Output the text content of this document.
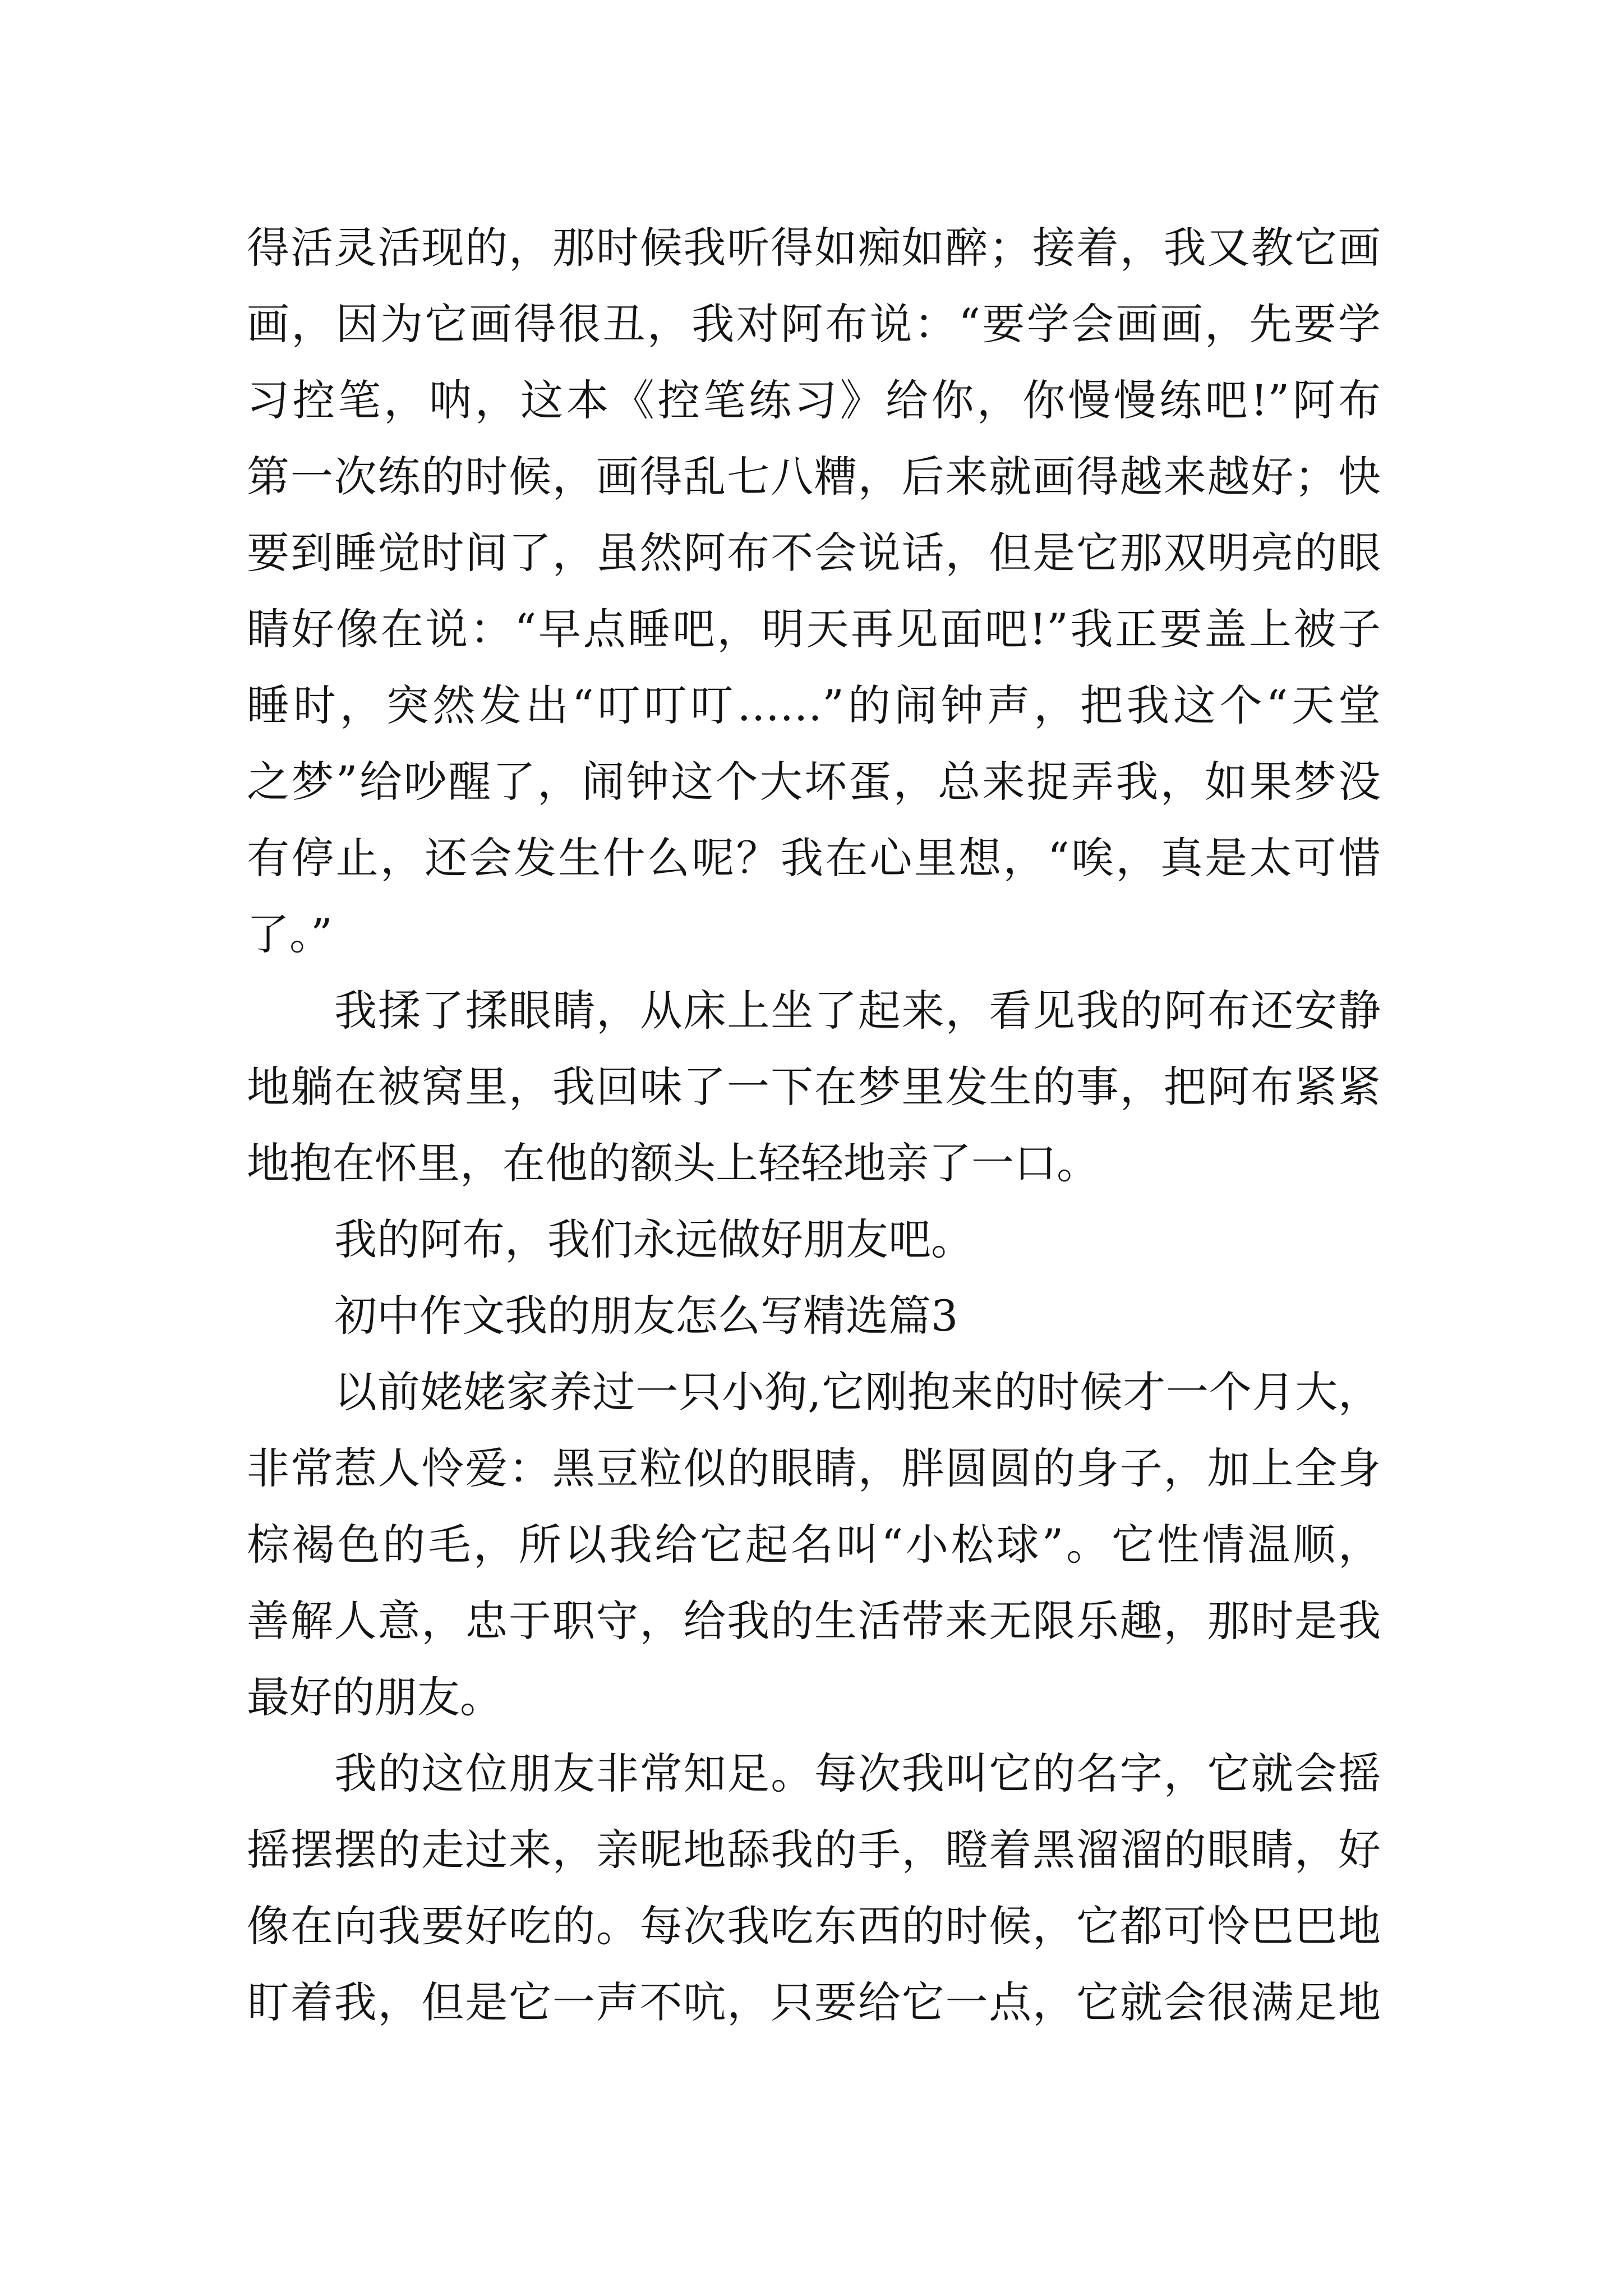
得活灵活现的，那时候我听得如痴如醉；接着，我又教它画
画，因为它画得很丑，我对阿布说：“要学会画画，先要学
习控笔，呐，这本《控笔练习》给你，你慢慢练吧!”阿布
第一次练的时候，画得乱七八糟，后来就画得越来越好；快
要到睡觉时间了，虽然阿布不会说话，但是它那双明亮的眼
睛好像在说：“早点睡吧，明天再见面吧!”我正要盖上被子
睡时，突然发出“叮叮叮……”的闹钟声，把我这个“天堂
之梦”给吵醒了，闹钟这个大坏蛋，总来捉弄我，如果梦没
有停止，还会发生什么呢？我在心里想，“唉，真是太可惜
了。”
我揉了揉眼睛，从床上坐了起来，看见我的阿布还安静
地躺在被窝里，我回味了一下在梦里发生的事，把阿布紧紧
地抱在怀里，在他的额头上轻轻地亲了一口。
我的阿布，我们永远做好朋友吧。
初中作文我的朋友怎么写精选篇3
以前姥姥家养过一只小狗,它刚抱来的时候才一个月大，
非常惹人怜爱：黑豆粒似的眼睛，胖圆圆的身子，加上全身
棕褐色的毛，所以我给它起名叫“小松球”。它性情温顺，
善解人意，忠于职守，给我的生活带来无限乐趣，那时是我
最好的朋友。
我的这位朋友非常知足。每次我叫它的名字，它就会摇
摇摆摆的走过来，亲昵地舔我的手，瞪着黑溜溜的眼睛，好
像在向我要好吃的。每次我吃东西的时候，它都可怜巴巴地
盯着我，但是它一声不吭，只要给它一点，它就会很满足地
